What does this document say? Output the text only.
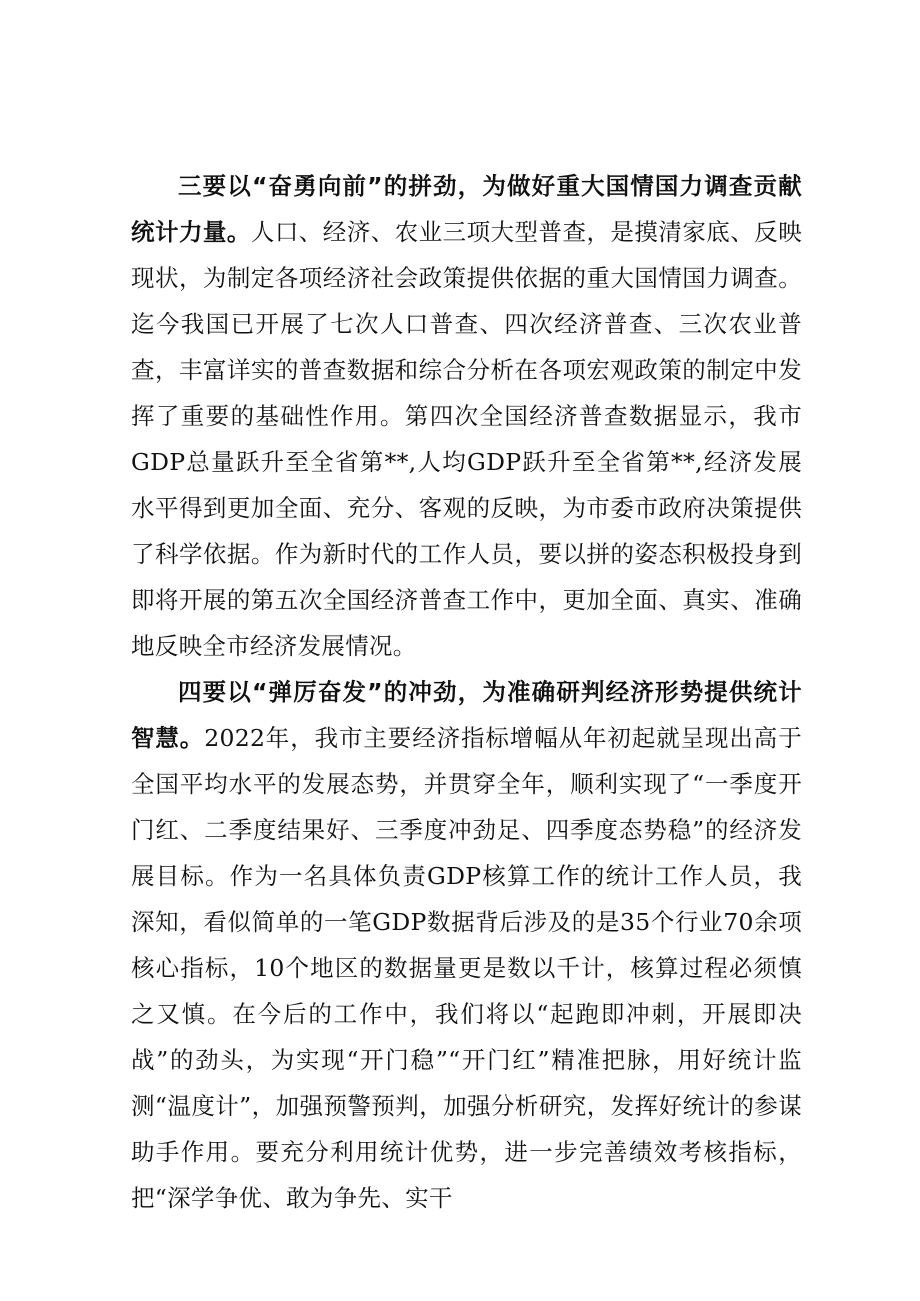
三要以“奋勇向前”的拼劲，为做好重大国情国力调查贡献统计力量。人口、经济、农业三项大型普查，是摸清家底、反映现状，为制定各项经济社会政策提供依据的重大国情国力调查。迄今我国已开展了七次人口普查、四次经济普查、三次农业普查，丰富详实的普查数据和综合分析在各项宏观政策的制定中发挥了重要的基础性作用。第四次全国经济普查数据显示，我市GDP总量跃升至全省第**,人均GDP跃升至全省第**,经济发展水平得到更加全面、充分、客观的反映，为市委市政府决策提供了科学依据。作为新时代的工作人员，要以拼的姿态积极投身到即将开展的第五次全国经济普查工作中，更加全面、真实、准确地反映全市经济发展情况。

四要以“弹厉奋发”的冲劲，为准确研判经济形势提供统计智慧。2022年，我市主要经济指标增幅从年初起就呈现出高于全国平均水平的发展态势，并贯穿全年，顺利实现了“一季度开门红、二季度结果好、三季度冲劲足、四季度态势稳”的经济发展目标。作为一名具体负责GDP核算工作的统计工作人员，我深知，看似简单的一笔GDP数据背后涉及的是35个行业70余项核心指标，10个地区的数据量更是数以千计，核算过程必须慎之又慎。在今后的工作中，我们将以“起跑即冲刺，开展即决战”的劲头，为实现“开门稳”“开门红”精准把脉，用好统计监测“温度计”，加强预警预判，加强分析研究，发挥好统计的参谋助手作用。要充分利用统计优势，进一步完善绩效考核指标，把“深学争优、敢为争先、实干
